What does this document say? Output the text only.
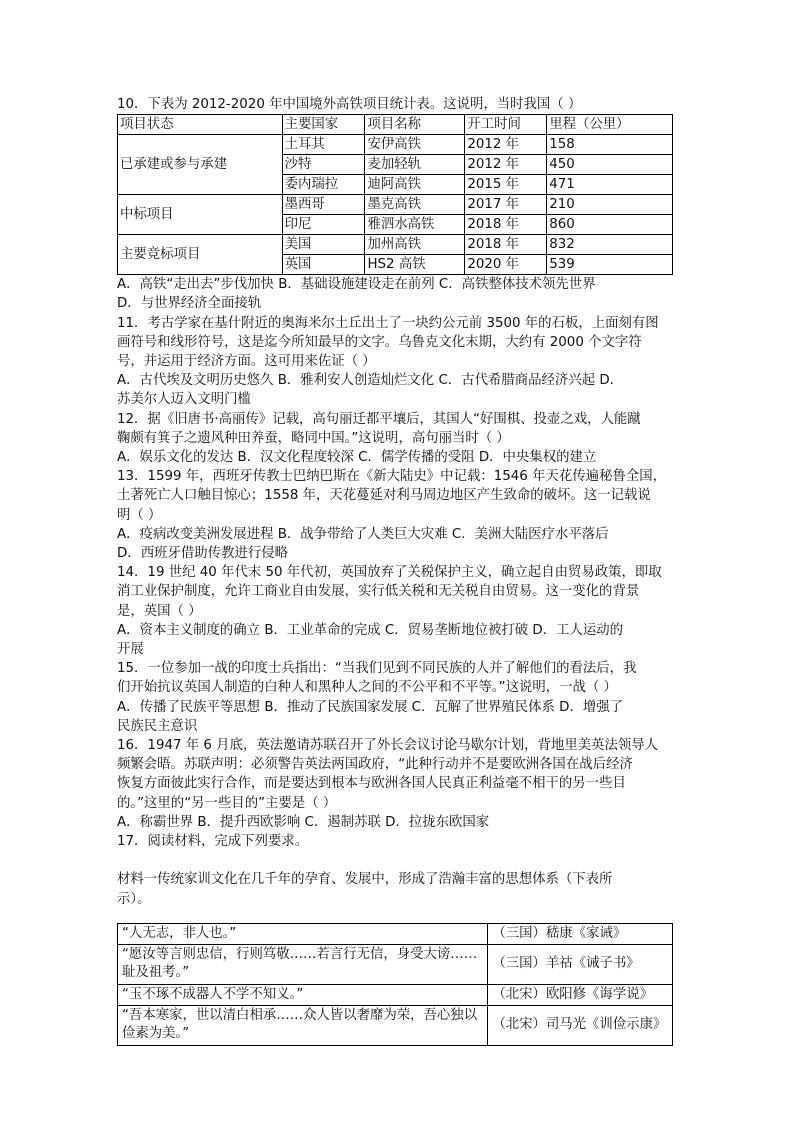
10．下表为 2012-2020 年中国境外高铁项目统计表。这说明，当时我国（ ）
项目状态	主要国家	项目名称	开工时间	里程（公里）
已承建或参与承建	土耳其	安伊高铁	2012 年	158
	沙特	麦加轻轨	2012 年	450
	委内瑞拉	迪阿高铁	2015 年	471
中标项目	墨西哥	墨克高铁	2017 年	210
	印尼	雅泗水高铁	2018 年	860
主要竞标项目	美国	加州高铁	2018 年	832
	英国	HS2 高铁	2020 年	539
A．高铁“走出去”步伐加快 B．基础设施建设走在前列 C．高铁整体技术领先世界
D．与世界经济全面接轨
11．考古学家在基什附近的奥海米尔土丘出土了一块约公元前 3500 年的石板，上面刻有图
画符号和线形符号，这是迄今所知最早的文字。乌鲁克文化末期，大约有 2000 个文字符
号，并运用于经济方面。这可用来佐证（ ）
A．古代埃及文明历史悠久 B．雅利安人创造灿烂文化 C．古代希腊商品经济兴起 D．
苏美尔人迈入文明门槛
12．据《旧唐书·高丽传》记载，高句丽迁都平壤后，其国人“好围棋、投壶之戏，人能蹴
鞠颇有箕子之遗风种田养蚕，略同中国。”这说明，高句丽当时（ ）
A．娱乐文化的发达 B．汉文化程度较深 C．儒学传播的受阻 D．中央集权的建立
13．1599 年，西班牙传教士巴纳巴斯在《新大陆史》中记载：1546 年天花传遍秘鲁全国，
土著死亡人口触目惊心；1558 年，天花蔓延对利马周边地区产生致命的破坏。这一记载说
明（ ）
A．疫病改变美洲发展进程 B．战争带给了人类巨大灾难 C．美洲大陆医疗水平落后
D．西班牙借助传教进行侵略
14．19 世纪 40 年代末 50 年代初，英国放弃了关税保护主义，确立起自由贸易政策，即取
消工业保护制度，允许工商业自由发展，实行低关税和无关税自由贸易。这一变化的背景
是，英国（ ）
A．资本主义制度的确立 B．工业革命的完成 C．贸易垄断地位被打破 D．工人运动的
开展
15．一位参加一战的印度士兵指出：“当我们见到不同民族的人并了解他们的看法后，我
们开始抗议英国人制造的白种人和黑种人之间的不公平和不平等。”这说明，一战（ ）
A．传播了民族平等思想 B．推动了民族国家发展 C．瓦解了世界殖民体系 D．增强了
民族民主意识
16．1947 年 6 月底，英法邀请苏联召开了外长会议讨论马歇尔计划，背地里美英法领导人
频繁会晤。苏联声明：必须警告英法两国政府，“此种行动并不是要欧洲各国在战后经济
恢复方面彼此实行合作，而是要达到根本与欧洲各国人民真正利益毫不相干的另一些目
的。”这里的“另一些目的”主要是（ ）
A．称霸世界 B．提升西欧影响 C．遏制苏联 D．拉拢东欧国家
17．阅读材料，完成下列要求。
材料一传统家训文化在几千年的孕育、发展中，形成了浩瀚丰富的思想体系（下表所
示）。
“人无志，非人也。”	（三国）嵇康《家诫》
“愿汝等言则忠信，行则笃敬……若言行无信，身受大谤……耻及祖考。”	（三国）羊祜《诫子书》
“玉不琢不成器人不学不知义。”	（北宋）欧阳修《诲学说》
“吾本寒家，世以清白相承……众人皆以奢靡为荣，吾心独以俭素为美。”	（北宋）司马光《训俭示康》
